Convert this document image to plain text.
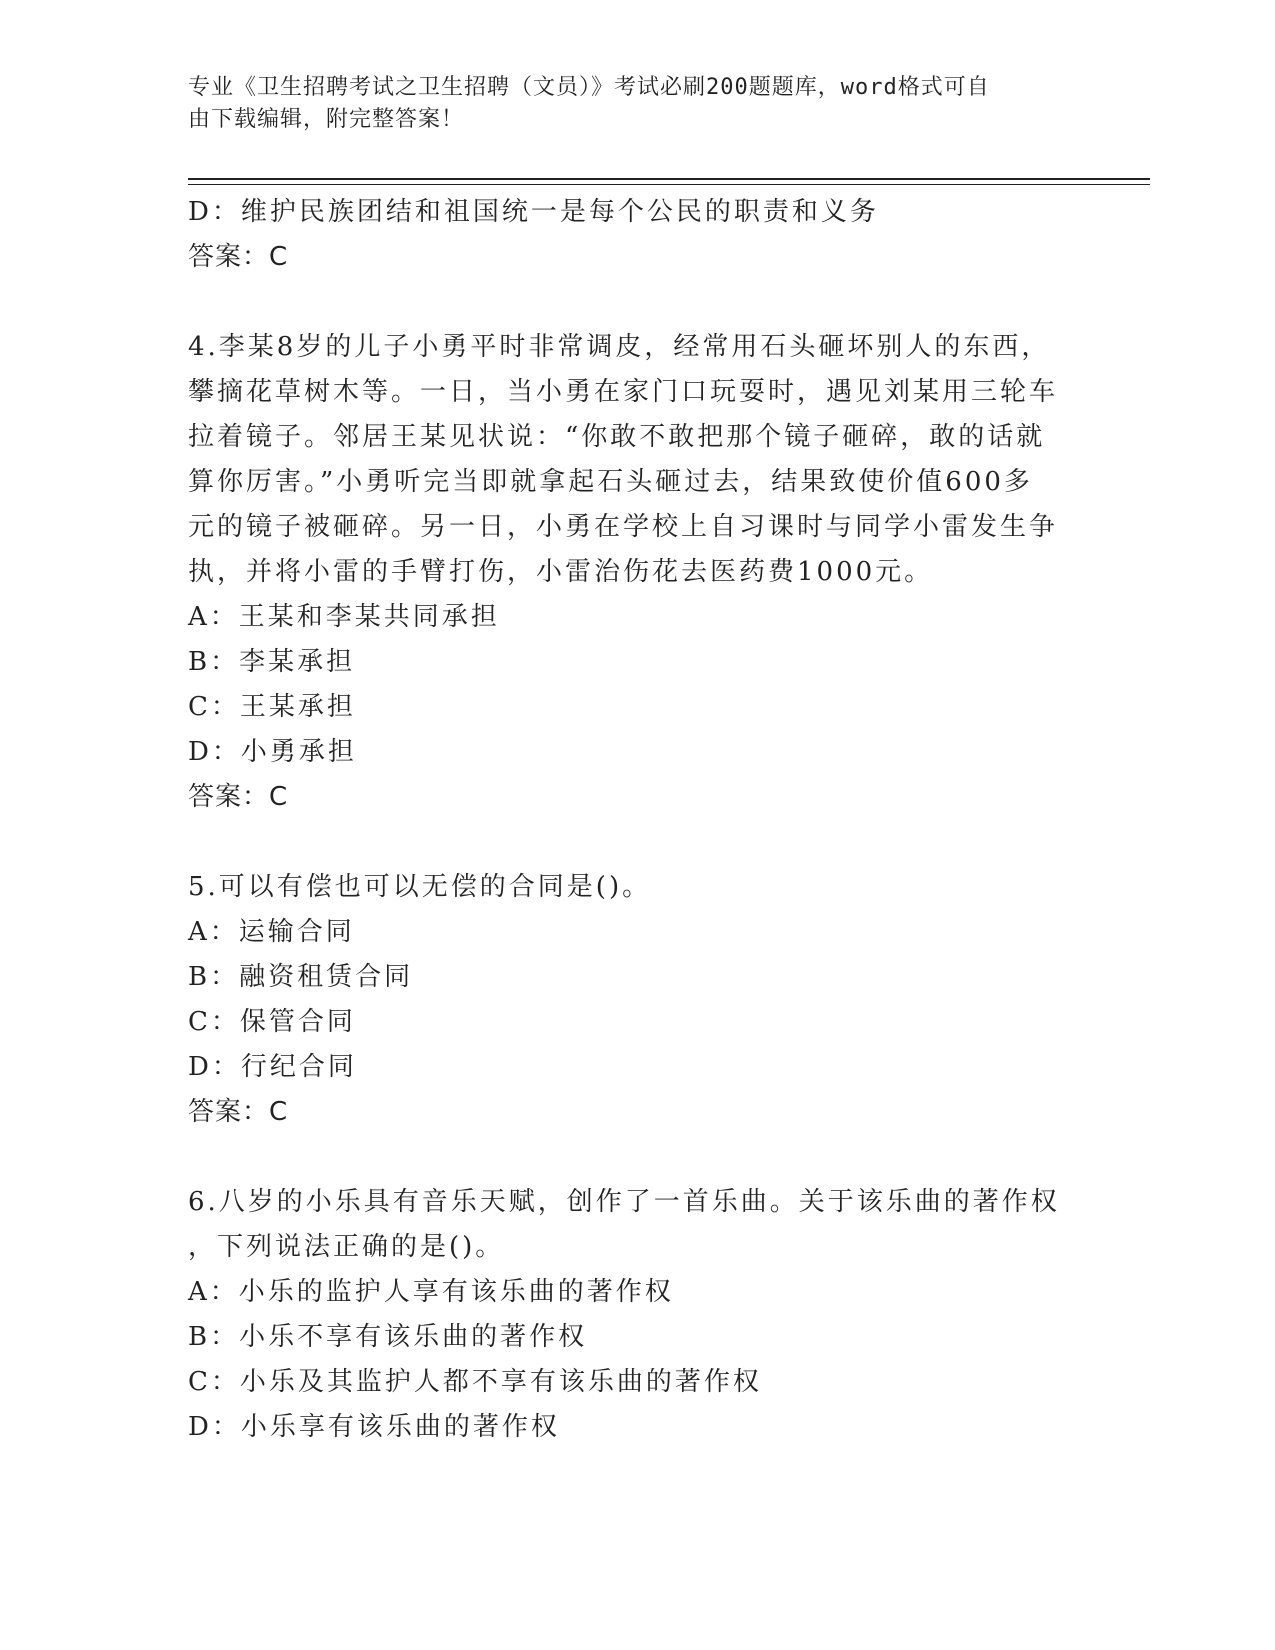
专业《卫生招聘考试之卫生招聘（文员）》考试必刷200题题库，word格式可自
由下载编辑，附完整答案！
D：维护民族团结和祖国统一是每个公民的职责和义务
答案：C
4.李某8岁的儿子小勇平时非常调皮，经常用石头砸坏别人的东西，
攀摘花草树木等。一日，当小勇在家门口玩耍时，遇见刘某用三轮车
拉着镜子。邻居王某见状说：“你敢不敢把那个镜子砸碎，敢的话就
算你厉害。”小勇听完当即就拿起石头砸过去，结果致使价值600多
元的镜子被砸碎。另一日，小勇在学校上自习课时与同学小雷发生争
执，并将小雷的手臂打伤，小雷治伤花去医药费1000元。
A：王某和李某共同承担
B：李某承担
C：王某承担
D：小勇承担
答案：C
5.可以有偿也可以无偿的合同是()。
A：运输合同
B：融资租赁合同
C：保管合同
D：行纪合同
答案：C
6.八岁的小乐具有音乐天赋，创作了一首乐曲。关于该乐曲的著作权
，下列说法正确的是()。
A：小乐的监护人享有该乐曲的著作权
B：小乐不享有该乐曲的著作权
C：小乐及其监护人都不享有该乐曲的著作权
D：小乐享有该乐曲的著作权
